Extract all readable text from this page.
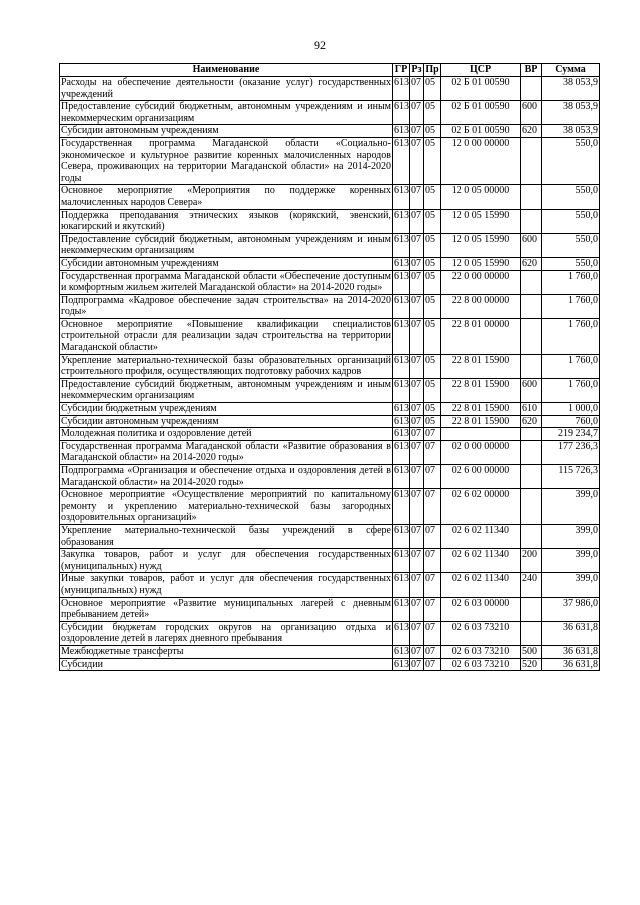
92
Наименование	ГР	Рз	Пр	ЦСР	ВР	Сумма
Расходы на обеспечение деятельности (оказание услуг) государственных учреждений	613	07	05	02 Б 01 00590		38 053,9
Предоставление субсидий бюджетным, автономным учреждениям и иным некоммерческим организациям	613	07	05	02 Б 01 00590	600	38 053,9
Субсидии автономным учреждениям	613	07	05	02 Б 01 00590	620	38 053,9
Государственная программа Магаданской области «Социально-экономическое и культурное развитие коренных малочисленных народов Севера, проживающих на территории Магаданской области» на 2014-2020 годы	613	07	05	12 0 00 00000		550,0
Основное мероприятие «Мероприятия по поддержке коренных малочисленных народов Севера»	613	07	05	12 0 05 00000		550,0
Поддержка преподавания этнических языков (корякский, эвенский, юкагирский и якутский)	613	07	05	12 0 05 15990		550,0
Предоставление субсидий бюджетным, автономным учреждениям и иным некоммерческим организациям	613	07	05	12 0 05 15990	600	550,0
Субсидии автономным учреждениям	613	07	05	12 0 05 15990	620	550,0
Государственная программа Магаданской области «Обеспечение доступным и комфортным жильем жителей Магаданской области» на 2014-2020 годы»	613	07	05	22 0 00 00000		1 760,0
Подпрограмма «Кадровое обеспечение задач строительства» на 2014-2020 годы»	613	07	05	22 8 00 00000		1 760,0
Основное мероприятие «Повышение квалификации специалистов строительной отрасли для реализации задач строительства на территории Магаданской области»	613	07	05	22 8 01 00000		1 760,0
Укрепление материально-технической базы образовательных организаций строительного профиля, осуществляющих подготовку рабочих кадров	613	07	05	22 8 01 15900		1 760,0
Предоставление субсидий бюджетным, автономным учреждениям и иным некоммерческим организациям	613	07	05	22 8 01 15900	600	1 760,0
Субсидии бюджетным учреждениям	613	07	05	22 8 01 15900	610	1 000,0
Субсидии автономным учреждениям	613	07	05	22 8 01 15900	620	760,0
Молодежная политика и оздоровление детей	613	07	07			219 234,7
Государственная программа Магаданской области «Развитие образования в Магаданской области» на 2014-2020 годы»	613	07	07	02 0 00 00000		177 236,3
Подпрограмма «Организация и обеспечение отдыха и оздоровления детей в Магаданской области» на 2014-2020 годы»	613	07	07	02 6 00 00000		115 726,3
Основное мероприятие «Осуществление мероприятий по капитальному ремонту и укреплению материально-технической базы загородных оздоровительных организаций»	613	07	07	02 6 02 00000		399,0
Укрепление материально-технической базы учреждений в сфере образования	613	07	07	02 6 02 11340		399,0
Закупка товаров, работ и услуг для обеспечения государственных (муниципальных) нужд	613	07	07	02 6 02 11340	200	399,0
Иные закупки товаров, работ и услуг для обеспечения государственных (муниципальных) нужд	613	07	07	02 6 02 11340	240	399,0
Основное мероприятие «Развитие муниципальных лагерей с дневным пребыванием детей»	613	07	07	02 6 03 00000		37 986,0
Субсидии бюджетам городских округов на организацию отдыха и оздоровление детей в лагерях дневного пребывания	613	07	07	02 6 03 73210		36 631,8
Межбюджетные трансферты	613	07	07	02 6 03 73210	500	36 631,8
Субсидии	613	07	07	02 6 03 73210	520	36 631,8
